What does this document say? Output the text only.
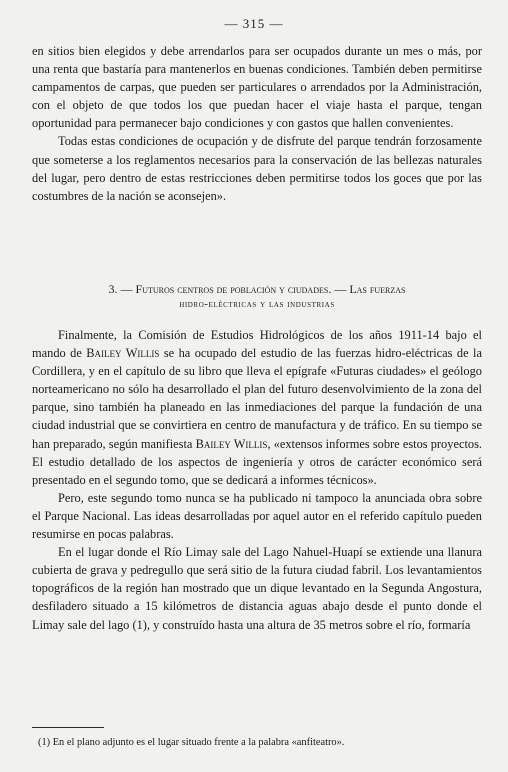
— 315 —

en sitios bien elegidos y debe arrendarlos para ser ocupados durante un mes o más, por una renta que bastaría para mantenerlos en buenas condiciones. También deben permitirse campamentos de carpas, que pueden ser particulares o arrendados por la Administración, con el objeto de que todos los que puedan hacer el viaje hasta el parque, tengan oportunidad para permanecer bajo condiciones y con gastos que hallen convenientes.

Todas estas condiciones de ocupación y de disfrute del parque tendrán forzosamente que someterse a los reglamentos necesarios para la conservación de las bellezas naturales del lugar, pero dentro de estas restricciones deben permitirse todos los goces que por las costumbres de la nación se aconsejen».

3. — Futuros centros de población y ciudades. — Las fuerzas
hidro-eléctricas y las industrias

Finalmente, la Comisión de Estudios Hidrológicos de los años 1911-14 bajo el mando de Bailey Willis se ha ocupado del estudio de las fuerzas hidro-eléctricas de la Cordillera, y en el capítulo de su libro que lleva el epígrafe «Futuras ciudades» el geólogo norteamericano no sólo ha desarrollado el plan del futuro desenvolvimiento de la zona del parque, sino también ha planeado en las inmediaciones del parque la fundación de una ciudad industrial que se convirtiera en centro de manufactura y de tráfico. En su tiempo se han preparado, según manifiesta Bailey Willis, «extensos informes sobre estos proyectos. El estudio detallado de los aspectos de ingeniería y otros de carácter económico será presentado en el segundo tomo, que se dedicará a informes técnicos».

Pero, este segundo tomo nunca se ha publicado ni tampoco la anunciada obra sobre el Parque Nacional. Las ideas desarrolladas por aquel autor en el referido capítulo pueden resumirse en pocas palabras.

En el lugar donde el Río Limay sale del Lago Nahuel-Huapí se extiende una llanura cubierta de grava y pedregullo que será sitio de la futura ciudad fabril. Los levantamientos topográficos de la región han mostrado que un dique levantado en la Segunda Angostura, desfiladero situado a 15 kilómetros de distancia aguas abajo desde el punto donde el Limay sale del lago (1), y construído hasta una altura de 35 metros sobre el río, formaría

(1) En el plano adjunto es el lugar situado frente a la palabra «anfiteatro».
